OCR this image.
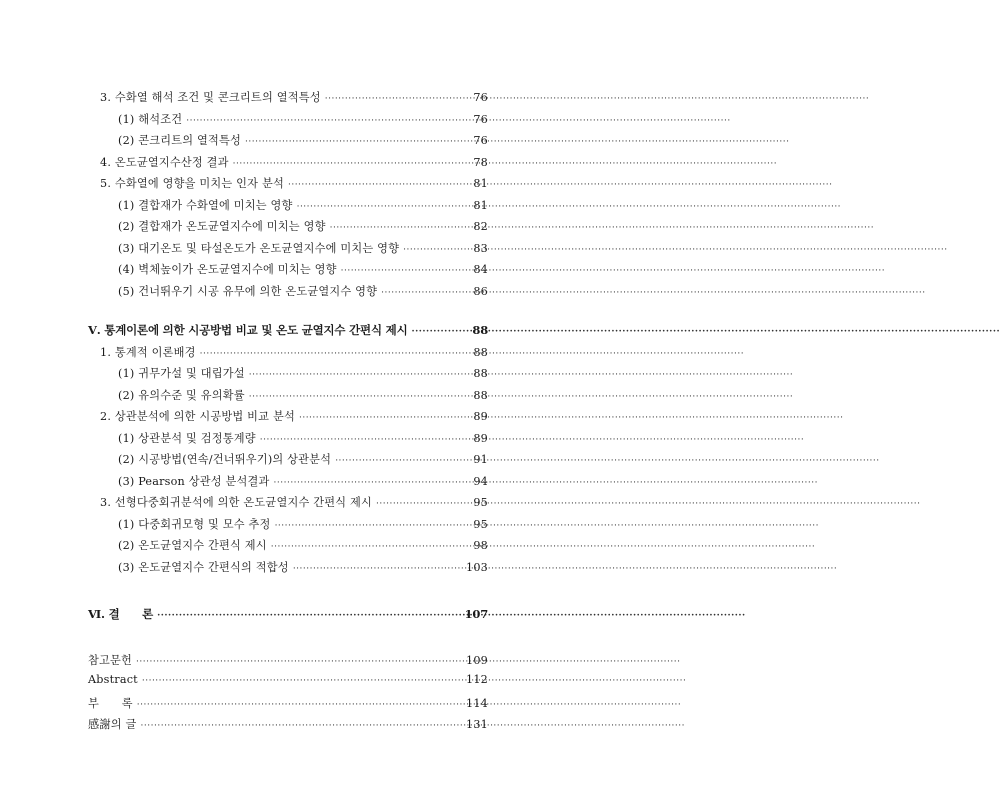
3. 수화열 해석 조건 및 콘크리트의 열적특성 ·····	76
(1) 해석조건 ·····	76
(2) 콘크리트의 열적특성 ·····	76
4. 온도균열지수산정 결과 ·····	78
5. 수화열에 영향을 미치는 인자 분석 ·····	81
(1) 결합재가 수화열에 미치는 영향 ·····	81
(2) 결합재가 온도균열지수에 미치는 영향 ·····	82
(3) 대기온도 및 타설온도가 온도균열지수에 미치는 영향 ·····	83
(4) 벽체높이가 온도균열지수에 미치는 영향 ·····	84
(5) 건너뛰우기 시공 유무에 의한 온도균열지수 영향 ·····	86
Ⅴ. 통계이론에 의한 시공방법 비교 및 온도 균열지수 간편식 제시 ·····	88
1. 통계적 이론배경 ·····	88
(1) 귀무가설 및 대립가설 ·····	88
(2) 유의수준 및 유의확률 ·····	88
2. 상관분석에 의한 시공방법 비교 분석 ·····	89
(1) 상관분석 및 검정통계량 ·····	89
(2) 시공방법(연속/건너뛰우기)의 상관분석 ·····	91
(3) Pearson 상관성 분석결과 ·····	94
3. 선형다중회귀분석에 의한 온도균열지수 간편식 제시 ·····	95
(1) 다중회귀모형 및 모수 추정 ·····	95
(2) 온도균열지수 간편식 제시 ·····	98
(3) 온도균열지수 간편식의 적합성 ·····	103
Ⅵ. 결　　론 ·····	107
참고문헌 ·····	109
Abstract ·····	112
부　　록 ·····	114
感謝의 글 ·····	131
